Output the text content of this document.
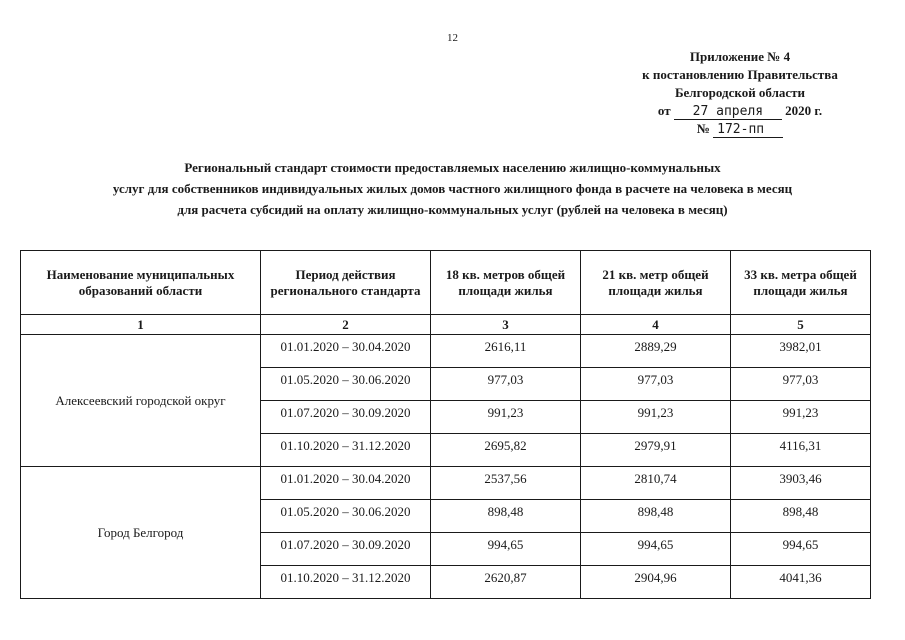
12
Приложение № 4
к постановлению Правительства
Белгородской области
от 27 апреля 2020 г.
№ 172-пп
Региональный стандарт стоимости предоставляемых населению жилищно-коммунальных
услуг для собственников индивидуальных жилых домов частного жилищного фонда в расчете на человека в месяц
для расчета субсидий на оплату жилищно-коммунальных услуг (рублей на человека в месяц)
Наименование муниципальных образований области	Период действия регионального стандарта	18 кв. метров общей площади жилья	21 кв. метр общей площади жилья	33 кв. метра общей площади жилья
1	2	3	4	5
Алексеевский городской округ	01.01.2020 – 30.04.2020	2616,11	2889,29	3982,01
	01.05.2020 – 30.06.2020	977,03	977,03	977,03
	01.07.2020 – 30.09.2020	991,23	991,23	991,23
	01.10.2020 – 31.12.2020	2695,82	2979,91	4116,31
Город Белгород	01.01.2020 – 30.04.2020	2537,56	2810,74	3903,46
	01.05.2020 – 30.06.2020	898,48	898,48	898,48
	01.07.2020 – 30.09.2020	994,65	994,65	994,65
	01.10.2020 – 31.12.2020	2620,87	2904,96	4041,36
